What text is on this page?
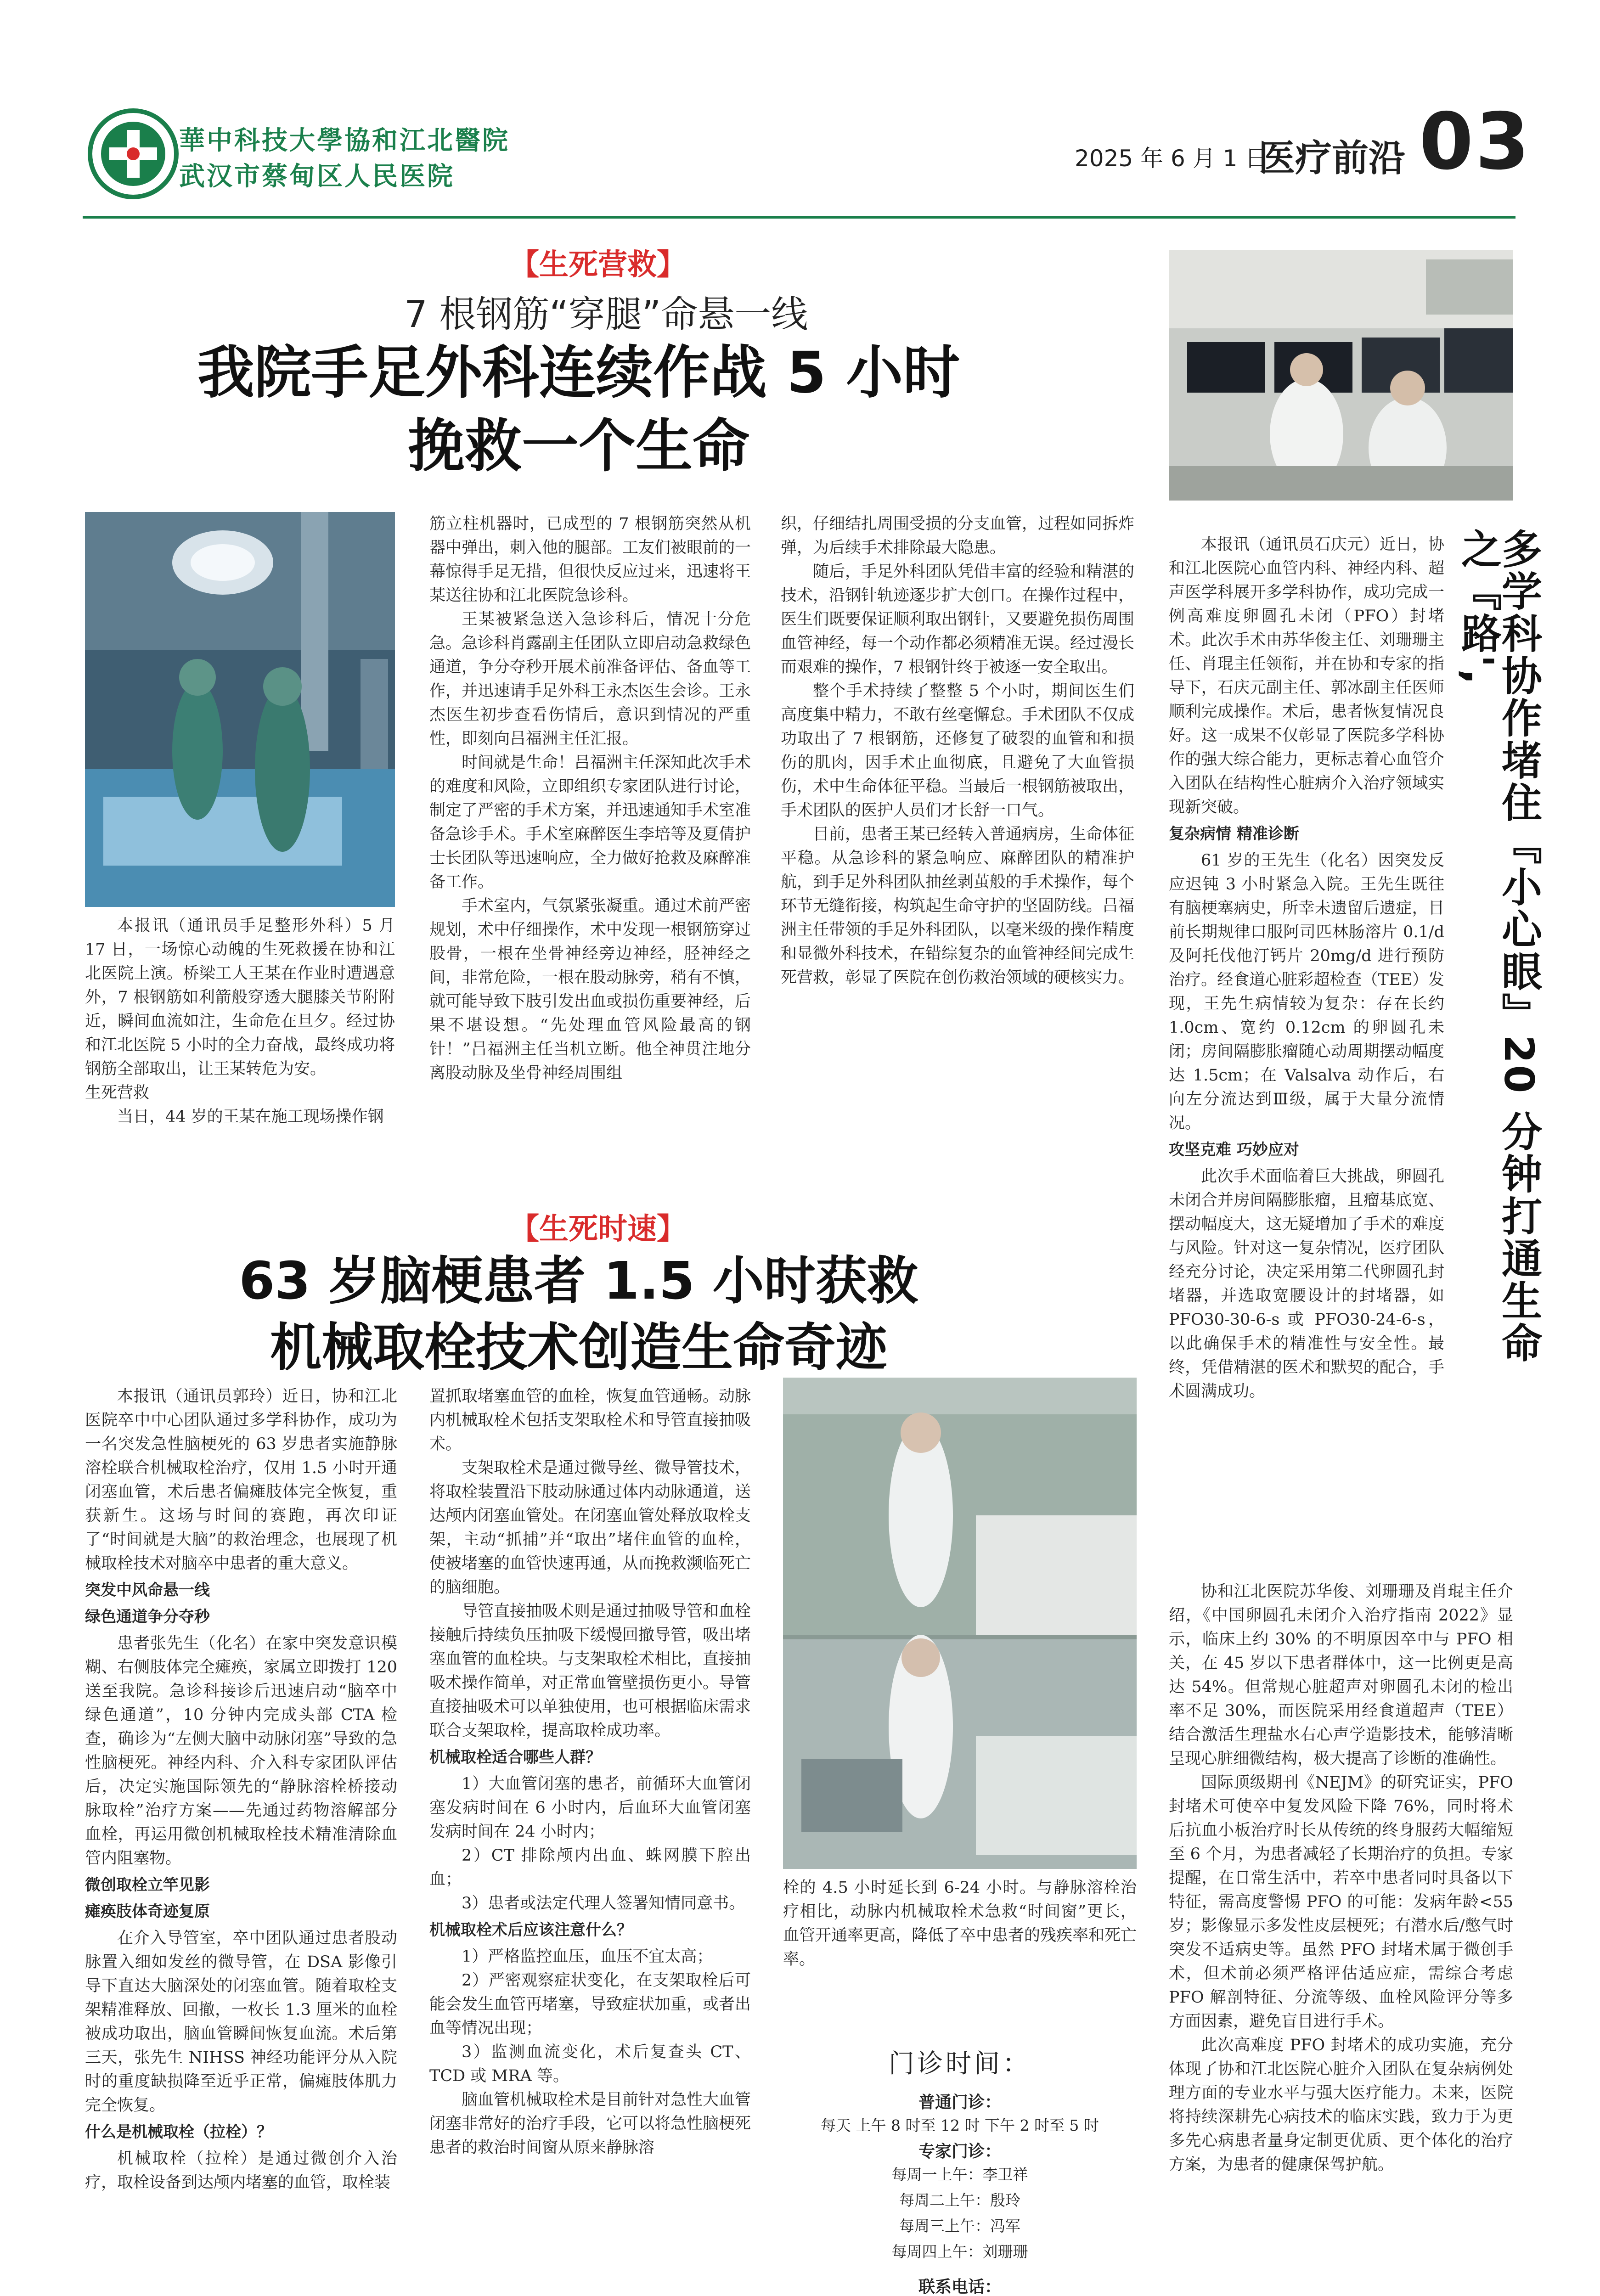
華中科技大學協和江北醫院
武汉市蔡甸区人民医院
2025 年 6 月 1 日
医疗前沿 03
【生死营救】
7 根钢筋“穿腿”命悬一线
我院手足外科连续作战 5 小时
挽救一个生命

本报讯（通讯员手足整形外科）5 月 17 日，一场惊心动魄的生死救援在协和江北医院上演。桥梁工人王某在作业时遭遇意外，7 根钢筋如利箭般穿透大腿膝关节附附近，瞬间血流如注，生命危在旦夕。经过协和江北医院 5 小时的全力奋战，最终成功将钢筋全部取出，让王某转危为安。

生死营救

当日，44 岁的王某在施工现场操作钢

筋立柱机器时，已成型的 7 根钢筋突然从机器中弹出，刺入他的腿部。工友们被眼前的一幕惊得手足无措，但很快反应过来，迅速将王某送往协和江北医院急诊科。

王某被紧急送入急诊科后，情况十分危急。急诊科肖露副主任团队立即启动急救绿色通道，争分夺秒开展术前准备评估、备血等工作，并迅速请手足外科王永杰医生会诊。王永杰医生初步查看伤情后，意识到情况的严重性，即刻向吕福洲主任汇报。

时间就是生命！吕福洲主任深知此次手术的难度和风险，立即组织专家团队进行讨论，制定了严密的手术方案，并迅速通知手术室准备急诊手术。手术室麻醉医生李培等及夏倩护士长团队等迅速响应，全力做好抢救及麻醉准备工作。

手术室内，气氛紧张凝重。通过术前严密规划，术中仔细操作，术中发现一根钢筋穿过股骨，一根在坐骨神经旁边神经，胫神经之间，非常危险，一根在股动脉旁，稍有不慎，就可能导致下肢引发出血或损伤重要神经，后果不堪设想。“先处理血管风险最高的钢针！”吕福洲主任当机立断。他全神贯注地分离股动脉及坐骨神经周围组

织，仔细结扎周围受损的分支血管，过程如同拆炸弹，为后续手术排除最大隐患。

随后，手足外科团队凭借丰富的经验和精湛的技术，沿钢针轨迹逐步扩大创口。在操作过程中，医生们既要保证顺利取出钢针，又要避免损伤周围血管神经，每一个动作都必须精准无误。经过漫长而艰难的操作，7 根钢针终于被逐一安全取出。

整个手术持续了整整 5 个小时，期间医生们高度集中精力，不敢有丝毫懈怠。手术团队不仅成功取出了 7 根钢筋，还修复了破裂的血管和和损伤的肌肉，因手术止血彻底，且避免了大血管损伤，术中生命体征平稳。当最后一根钢筋被取出，手术团队的医护人员们才长舒一口气。

目前，患者王某已经转入普通病房，生命体征平稳。从急诊科的紧急响应、麻醉团队的精准护航，到手足外科团队抽丝剥茧般的手术操作，每个环节无缝衔接，构筑起生命守护的坚固防线。吕福洲主任带领的手足外科团队，以毫米级的操作精度和显微外科技术，在错综复杂的血管神经间完成生死营救，彰显了医院在创伤救治领域的硬核实力。

【生死时速】
63 岁脑梗患者 1.5 小时获救
机械取栓技术创造生命奇迹

本报讯（通讯员郭玲）近日，协和江北医院卒中中心团队通过多学科协作，成功为一名突发急性脑梗死的 63 岁患者实施静脉溶栓联合机械取栓治疗，仅用 1.5 小时开通闭塞血管，术后患者偏瘫肢体完全恢复，重获新生。这场与时间的赛跑，再次印证了“时间就是大脑”的救治理念，也展现了机械取栓技术对脑卒中患者的重大意义。

突发中风命悬一线

绿色通道争分夺秒

患者张先生（化名）在家中突发意识模糊、右侧肢体完全瘫痪，家属立即拨打 120 送至我院。急诊科接诊后迅速启动“脑卒中绿色通道”，10 分钟内完成头部 CTA 检查，确诊为“左侧大脑中动脉闭塞”导致的急性脑梗死。神经内科、介入科专家团队评估后，决定实施国际领先的“静脉溶栓桥接动脉取栓”治疗方案——先通过药物溶解部分血栓，再运用微创机械取栓技术精准清除血管内阻塞物。

微创取栓立竿见影

瘫痪肢体奇迹复原

在介入导管室，卒中团队通过患者股动脉置入细如发丝的微导管，在 DSA 影像引导下直达大脑深处的闭塞血管。随着取栓支架精准释放、回撤，一枚长 1.3 厘米的血栓被成功取出，脑血管瞬间恢复血流。术后第三天，张先生 NIHSS 神经功能评分从入院时的重度缺损降至近乎正常，偏瘫肢体肌力完全恢复。

什么是机械取栓（拉栓）？

机械取栓（拉栓）是通过微创介入治疗，取栓设备到达颅内堵塞的血管，取栓装

置抓取堵塞血管的血栓，恢复血管通畅。动脉内机械取栓术包括支架取栓术和导管直接抽吸术。

支架取栓术是通过微导丝、微导管技术，将取栓装置沿下肢动脉通过体内动脉通道，送达颅内闭塞血管处。在闭塞血管处释放取栓支架，主动“抓捕”并“取出”堵住血管的血栓，使被堵塞的血管快速再通，从而挽救濒临死亡的脑细胞。

导管直接抽吸术则是通过抽吸导管和血栓接触后持续负压抽吸下缓慢回撤导管，吸出堵塞血管的血栓块。与支架取栓术相比，直接抽吸术操作简单，对正常血管壁损伤更小。导管直接抽吸术可以单独使用，也可根据临床需求联合支架取栓，提高取栓成功率。

机械取栓适合哪些人群？

1）大血管闭塞的患者，前循环大血管闭塞发病时间在 6 小时内，后血环大血管闭塞发病时间在 24 小时内；

2）CT 排除颅内出血、蛛网膜下腔出血；

3）患者或法定代理人签署知情同意书。

机械取栓术后应该注意什么？

1）严格监控血压，血压不宜太高；

2）严密观察症状变化，在支架取栓后可能会发生血管再堵塞，导致症状加重，或者出血等情况出现；

3）监测血流变化，术后复查头 CT、TCD 或 MRA 等。

脑血管机械取栓术是目前针对急性大血管闭塞非常好的治疗手段，它可以将急性脑梗死患者的救治时间窗从原来静脉溶

栓的 4.5 小时延长到 6-24 小时。与静脉溶栓治疗相比，动脉内机械取栓术急救“时间窗”更长，血管开通率更高，降低了卒中患者的残疾率和死亡率。

门诊时间：
普通门诊：
每天 上午 8 时至 12 时 下午 2 时至 5 时
专家门诊：
每周一上午：李卫祥
每周二上午：殷玲
每周三上午：冯军
每周四上午：刘珊珊
联系电话：
多学科协作堵住『小心眼』20 分钟打通生命之『路',

本报讯（通讯员石庆元）近日，协和江北医院心血管内科、神经内科、超声医学科展开多学科协作，成功完成一例高难度卵圆孔未闭（PFO）封堵术。此次手术由苏华俊主任、刘珊珊主任、肖琨主任领衔，并在协和专家的指导下，石庆元副主任、郭冰副主任医师顺利完成操作。术后，患者恢复情况良好。这一成果不仅彰显了医院多学科协作的强大综合能力，更标志着心血管介入团队在结构性心脏病介入治疗领域实现新突破。

复杂病情 精准诊断

61 岁的王先生（化名）因突发反应迟钝 3 小时紧急入院。王先生既往有脑梗塞病史，所幸未遗留后遗症，目前长期规律口服阿司匹林肠溶片 0.1/d 及阿托伐他汀钙片 20mg/d 进行预防治疗。经食道心脏彩超检查（TEE）发现，王先生病情较为复杂：存在长约 1.0cm、宽约 0.12cm 的卵圆孔未闭；房间隔膨胀瘤随心动周期摆动幅度达 1.5cm；在 Valsalva 动作后，右向左分流达到Ⅲ级，属于大量分流情况。

攻坚克难 巧妙应对

此次手术面临着巨大挑战，卵圆孔未闭合并房间隔膨胀瘤，且瘤基底宽、摆动幅度大，这无疑增加了手术的难度与风险。针对这一复杂情况，医疗团队经充分讨论，决定采用第二代卵圆孔封堵器，并选取宽腰设计的封堵器，如 PFO30-30-6-s 或 PFO30-24-6-s，以此确保手术的精准性与安全性。最终，凭借精湛的医术和默契的配合，手术圆满成功。

协和江北医院苏华俊、刘珊珊及肖琨主任介绍，《中国卵圆孔未闭介入治疗指南 2022》显示，临床上约 30% 的不明原因卒中与 PFO 相关，在 45 岁以下患者群体中，这一比例更是高达 54%。但常规心脏超声对卵圆孔未闭的检出率不足 30%，而医院采用经食道超声（TEE）结合激活生理盐水右心声学造影技术，能够清晰呈现心脏细微结构，极大提高了诊断的准确性。

国际顶级期刊《NEJM》的研究证实，PFO 封堵术可使卒中复发风险下降 76%，同时将术后抗血小板治疗时长从传统的终身服药大幅缩短至 6 个月，为患者减轻了长期治疗的负担。专家提醒，在日常生活中，若卒中患者同时具备以下特征，需高度警惕 PFO 的可能：发病年龄<55 岁；影像显示多发性皮层梗死；有潜水后/憋气时突发不适病史等。虽然 PFO 封堵术属于微创手术，但术前必须严格评估适应症，需综合考虑 PFO 解剖特征、分流等级、血栓风险评分等多方面因素，避免盲目进行手术。

此次高难度 PFO 封堵术的成功实施，充分体现了协和江北医院心脏介入团队在复杂病例处理方面的专业水平与强大医疗能力。未来，医院将持续深耕先心病技术的临床实践，致力于为更多先心病患者量身定制更优质、更个体化的治疗方案，为患者的健康保驾护航。
